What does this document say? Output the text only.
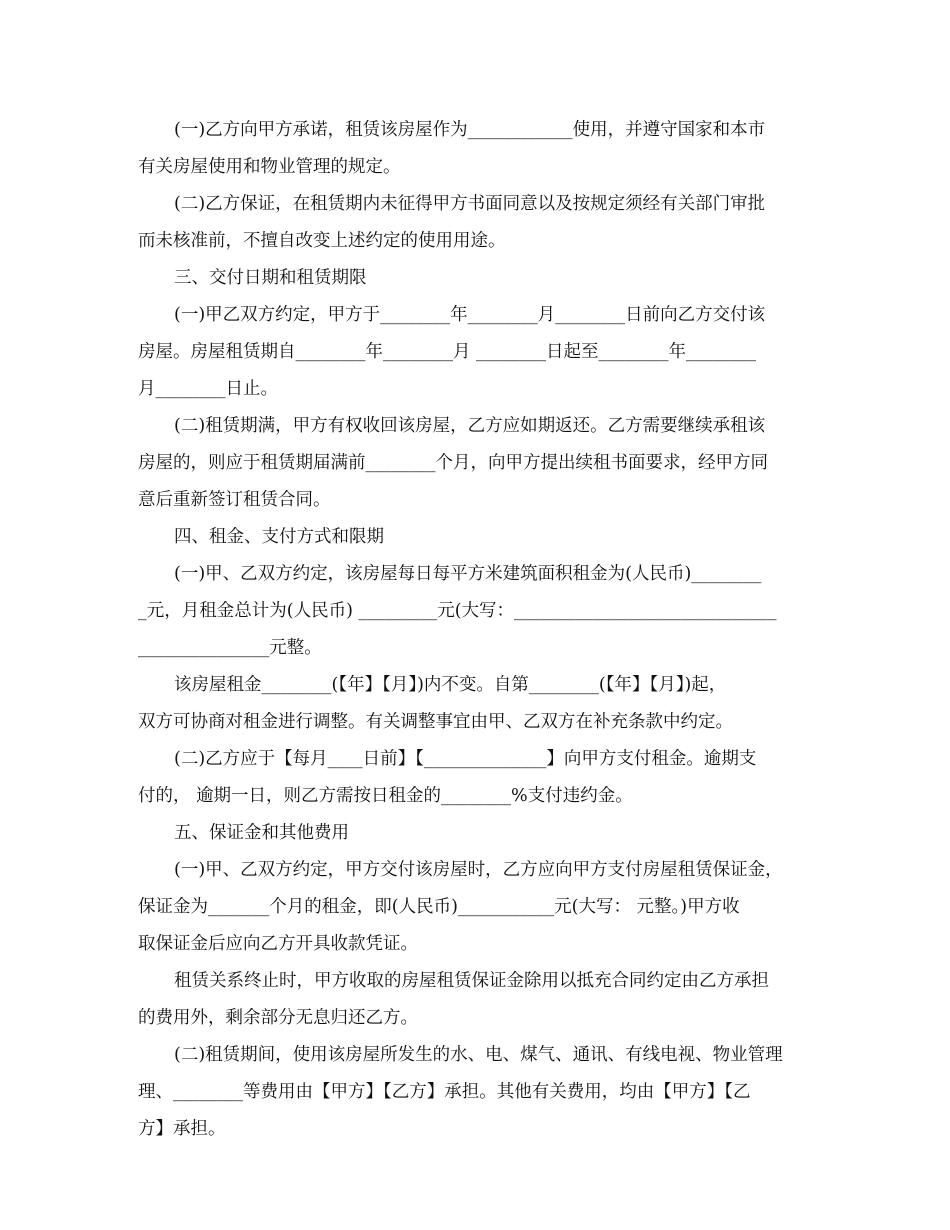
(一)乙方向甲方承诺，租赁该房屋作为____________使用，并遵守国家和本市
有关房屋使用和物业管理的规定。
(二)乙方保证，在租赁期内未征得甲方书面同意以及按规定须经有关部门审批
而未核准前，不擅自改变上述约定的使用用途。
三、交付日期和租赁期限
(一)甲乙双方约定，甲方于________年________月________日前向乙方交付该
房屋。房屋租赁期自________年________月 ________日起至________年________
月________日止。
(二)租赁期满，甲方有权收回该房屋，乙方应如期返还。乙方需要继续承租该
房屋的，则应于租赁期届满前________个月，向甲方提出续租书面要求，经甲方同
意后重新签订租赁合同。
四、租金、支付方式和限期
(一)甲、乙双方约定，该房屋每日每平方米建筑面积租金为(人民币)________
_元，月租金总计为(人民币) _________元(大写：______________________________
_______________元整。
该房屋租金________(【年】【月】)内不变。自第________(【年】【月】)起，
双方可协商对租金进行调整。有关调整事宜由甲、乙双方在补充条款中约定。
(二)乙方应于【每月____日前】【______________】向甲方支付租金。逾期支
付的， 逾期一日，则乙方需按日租金的________%支付违约金。
五、保证金和其他费用
(一)甲、乙双方约定，甲方交付该房屋时，乙方应向甲方支付房屋租赁保证金，
保证金为_______个月的租金，即(人民币)___________元(大写： 元整。)甲方收
取保证金后应向乙方开具收款凭证。
租赁关系终止时，甲方收取的房屋租赁保证金除用以抵充合同约定由乙方承担
的费用外，剩余部分无息归还乙方。
(二)租赁期间，使用该房屋所发生的水、电、煤气、通讯、有线电视、物业管理
理、________等费用由【甲方】【乙方】承担。其他有关费用，均由【甲方】【乙
方】承担。
